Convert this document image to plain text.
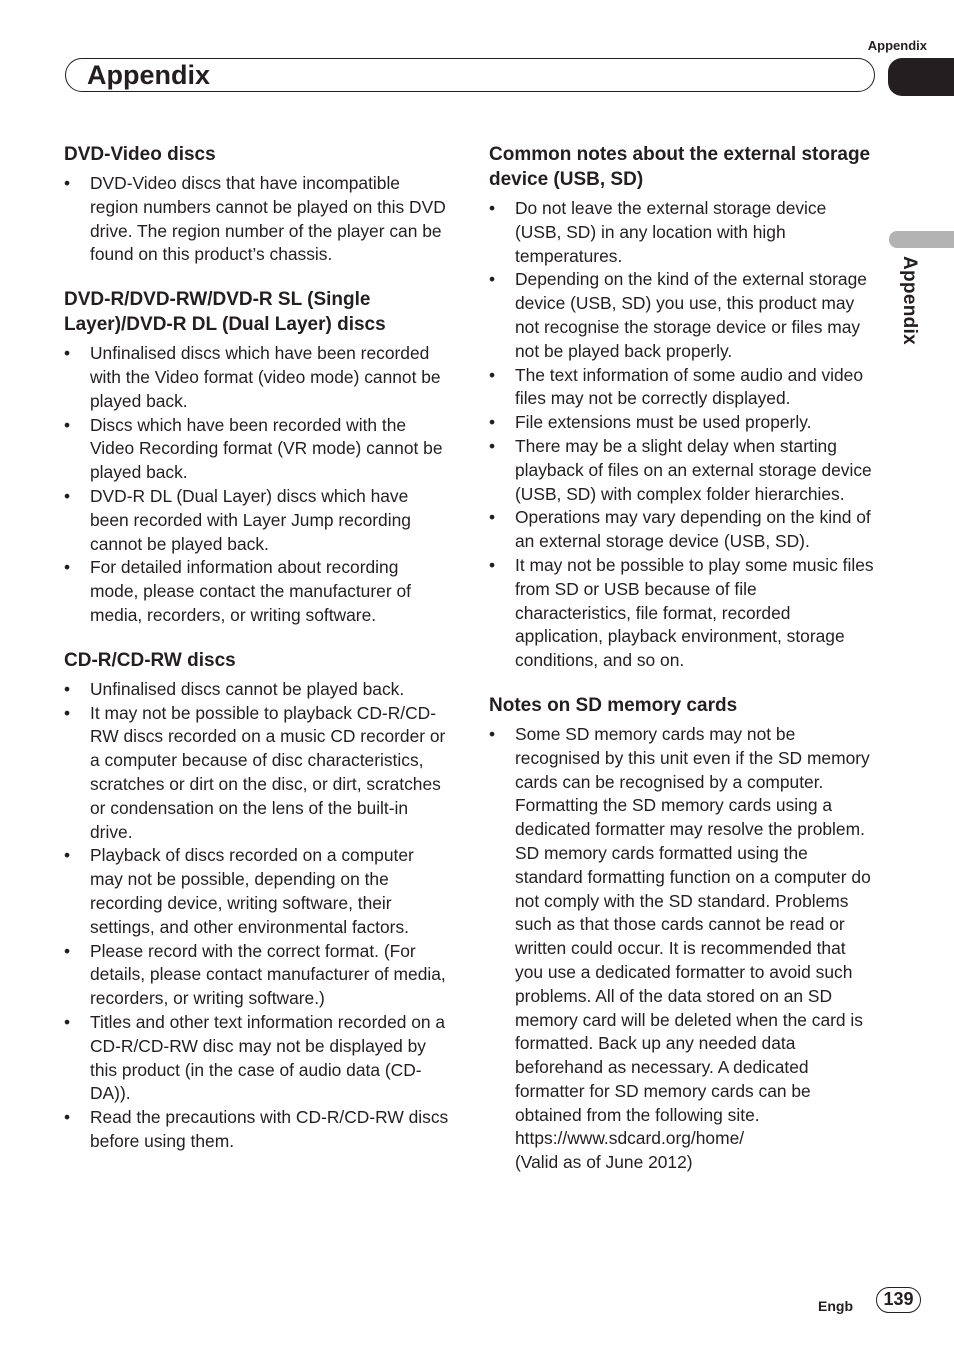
Appendix
Appendix
Appendix
DVD-Video discs
• DVD-Video discs that have incompatible region numbers cannot be played on this DVD drive. The region number of the player can be found on this product’s chassis.
DVD-R/DVD-RW/DVD-R SL (Single Layer)/DVD-R DL (Dual Layer) discs
• Unfinalised discs which have been recorded with the Video format (video mode) cannot be played back.
• Discs which have been recorded with the Video Recording format (VR mode) cannot be played back.
• DVD-R DL (Dual Layer) discs which have been recorded with Layer Jump recording cannot be played back.
• For detailed information about recording mode, please contact the manufacturer of media, recorders, or writing software.
CD-R/CD-RW discs
• Unfinalised discs cannot be played back.
• It may not be possible to playback CD-R/CD-RW discs recorded on a music CD recorder or a computer because of disc characteristics, scratches or dirt on the disc, or dirt, scratches or condensation on the lens of the built-in drive.
• Playback of discs recorded on a computer may not be possible, depending on the recording device, writing software, their settings, and other environmental factors.
• Please record with the correct format. (For details, please contact manufacturer of media, recorders, or writing software.)
• Titles and other text information recorded on a CD-R/CD-RW disc may not be displayed by this product (in the case of audio data (CD-DA)).
• Read the precautions with CD-R/CD-RW discs before using them.
Common notes about the external storage device (USB, SD)
• Do not leave the external storage device (USB, SD) in any location with high temperatures.
• Depending on the kind of the external storage device (USB, SD) you use, this product may not recognise the storage device or files may not be played back properly.
• The text information of some audio and video files may not be correctly displayed.
• File extensions must be used properly.
• There may be a slight delay when starting playback of files on an external storage device (USB, SD) with complex folder hierarchies.
• Operations may vary depending on the kind of an external storage device (USB, SD).
• It may not be possible to play some music files from SD or USB because of file characteristics, file format, recorded application, playback environment, storage conditions, and so on.
Notes on SD memory cards
• Some SD memory cards may not be recognised by this unit even if the SD memory cards can be recognised by a computer. Formatting the SD memory cards using a dedicated formatter may resolve the problem. SD memory cards formatted using the standard formatting function on a computer do not comply with the SD standard. Problems such as that those cards cannot be read or written could occur. It is recommended that you use a dedicated formatter to avoid such problems. All of the data stored on an SD memory card will be deleted when the card is formatted. Back up any needed data beforehand as necessary. A dedicated formatter for SD memory cards can be obtained from the following site.
https://www.sdcard.org/home/
(Valid as of June 2012)
Engb	139
